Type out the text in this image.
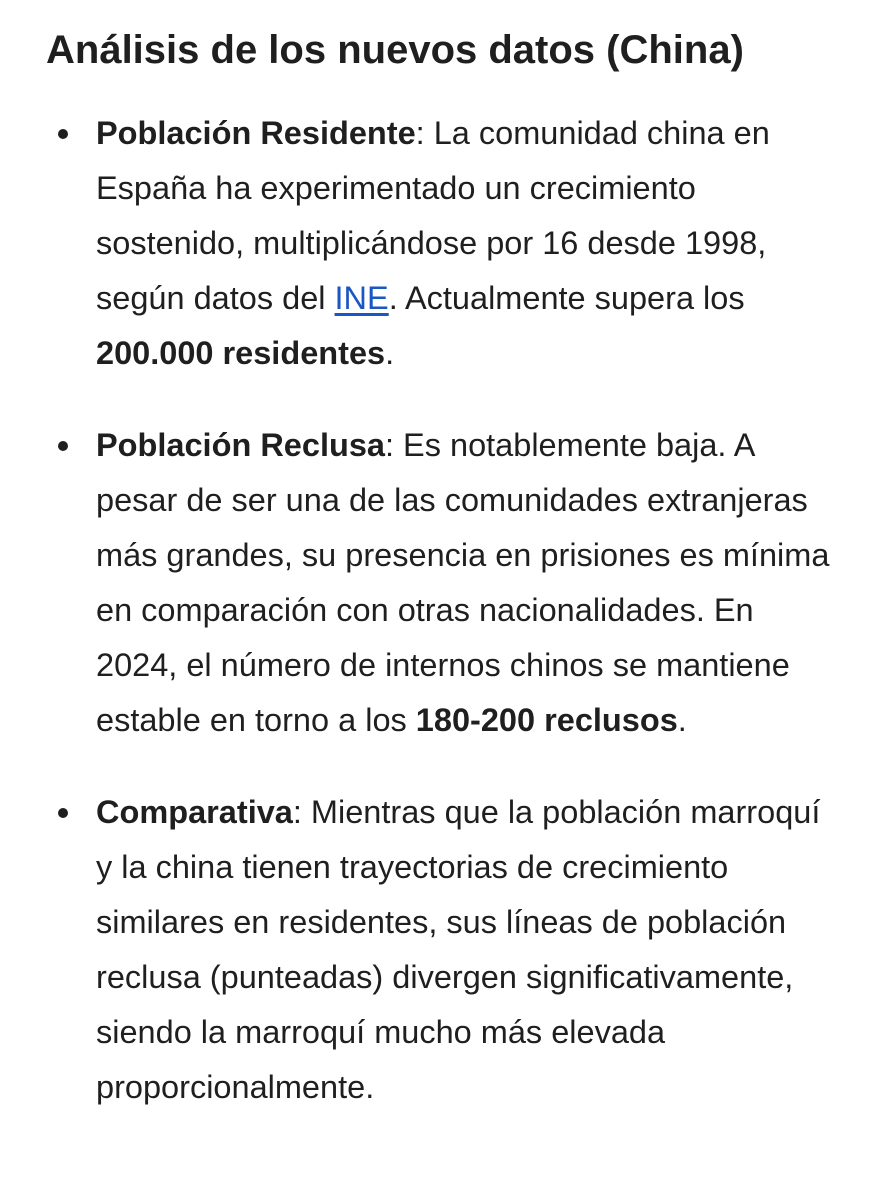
Análisis de los nuevos datos (China)
Población Residente: La comunidad china en España ha experimentado un crecimiento sostenido, multiplicándose por 16 desde 1998, según datos del INE. Actualmente supera los 200.000 residentes.
Población Reclusa: Es notablemente baja. A pesar de ser una de las comunidades extranjeras más grandes, su presencia en prisiones es mínima en comparación con otras nacionalidades. En 2024, el número de internos chinos se mantiene estable en torno a los 180-200 reclusos.
Comparativa: Mientras que la población marroquí y la china tienen trayectorias de crecimiento similares en residentes, sus líneas de población reclusa (punteadas) divergen significativamente, siendo la marroquí mucho más elevada proporcionalmente.
